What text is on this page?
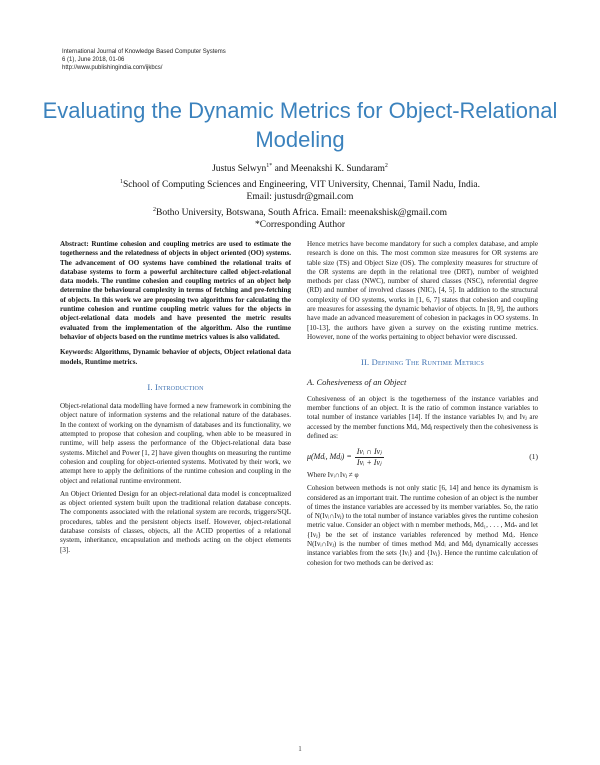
International Journal of Knowledge Based Computer Systems
6 (1), June 2018, 01-06
http://www.publishingindia.com/ijkbcs/
Evaluating the Dynamic Metrics for Object-Relational Modeling
Justus Selwyn$^{1*}$ and Meenakshi K. Sundaram$^2$
$^1$School of Computing Sciences and Engineering, VIT University, Chennai, Tamil Nadu, India.
Email: justusdr@gmail.com
$^2$Botho University, Botswana, South Africa. Email: meenakshisk@gmail.com
*Corresponding Author

Abstract: Runtime cohesion and coupling metrics are used to estimate the togetherness and the relatedness of objects in object oriented (OO) systems. The advancement of OO systems have combined the relational traits of database systems to form a powerful architecture called object-relational data models. The runtime cohesion and coupling metrics of an object help determine the behavioural complexity in terms of fetching and pre-fetching of objects. In this work we are proposing two algorithms for calculating the runtime cohesion and runtime coupling metric values for the objects in object-relational data models and have presented the metric results evaluated from the implementation of the algorithm. Also the runtime behavior of objects based on the runtime metrics values is also validated.

Keywords: Algorithms, Dynamic behavior of objects, Object relational data models, Runtime metrics.

I. Introduction

Object-relational data modelling have formed a new framework in combining the object nature of information systems and the relational nature of the databases. In the context of working on the dynamism of databases and its functionality, we attempted to propose that cohesion and coupling, when able to be measured in runtime, will help assess the performance of the Object-relational data base systems. Mitchel and Power [1, 2] have given thoughts on measuring the runtime cohesion and coupling for object-oriented systems. Motivated by their work, we attempt here to apply the definitions of the runtime cohesion and coupling in the object and relational runtime environment.

An Object Oriented Design for an object-relational data model is conceptualized as object oriented system built upon the traditional relation database concepts. The components associated with the relational system are records, triggers/SQL procedures, tables and the persistent objects itself. However, object-relational database consists of classes, objects, all the ACID properties of a relational system, inheritance, encapsulation and methods acting on the object elements [3].

Hence metrics have become mandatory for such a complex database, and ample research is done on this. The most common size measures for OR systems are table size (TS) and Object Size (OS). The complexity measures for structure of the OR systems are depth in the relational tree (DRT), number of weighted methods per class (NWC), number of shared classes (NSC), referential degree (RD) and number of involved classes (NIC), [4, 5]. In addition to the structural complexity of OO systems, works in [1, 6, 7] states that cohesion and coupling are measures for assessing the dynamic behavior of objects. In [8, 9], the authors have made an advanced measurement of cohesion in packages in OO systems. In [10-13], the authors have given a survey on the existing runtime metrics. However, none of the works pertaining to object behavior were discussed.

II. Defining The Runtime Metrics

A. Cohesiveness of an Object

Cohesiveness of an object is the togetherness of the instance variables and member functions of an object. It is the ratio of common instance variables to total number of instance variables [14]. If the instance variables Ivᵢ and Ivⱼ are accessed by the member functions Mdᵢ, Mdⱼ respectively then the cohesiveness is defined as:

μ(Mdᵢ, Mdⱼ) = $\frac{\text{Ivᵢ ∩ Ivⱼ}}{\text{Ivᵢ + Ivⱼ}}$	(1)

Where Ivᵢ∩Ivⱼ ≠ φ

Cohesion between methods is not only static [6, 14] and hence its dynamism is considered as an important trait. The runtime cohesion of an object is the number of times the instance variables are accessed by its member variables. So, the ratio of N(Ivᵢ∩Ivⱼ) to the total number of instance variables gives the runtime cohesion metric value. Consider an object with n member methods, Md₁, . . . , Mdₙ and let {Ivⱼ} be the set of instance variables referenced by method Mdᵢ. Hence N(Ivᵢ∩Ivⱼ) is the number of times method Mdᵢ and Mdⱼ dynamically accesses instance variables from the sets {Ivᵢ} and {Ivⱼ}. Hence the runtime calculation of cohesion for two methods can be derived as:

1
